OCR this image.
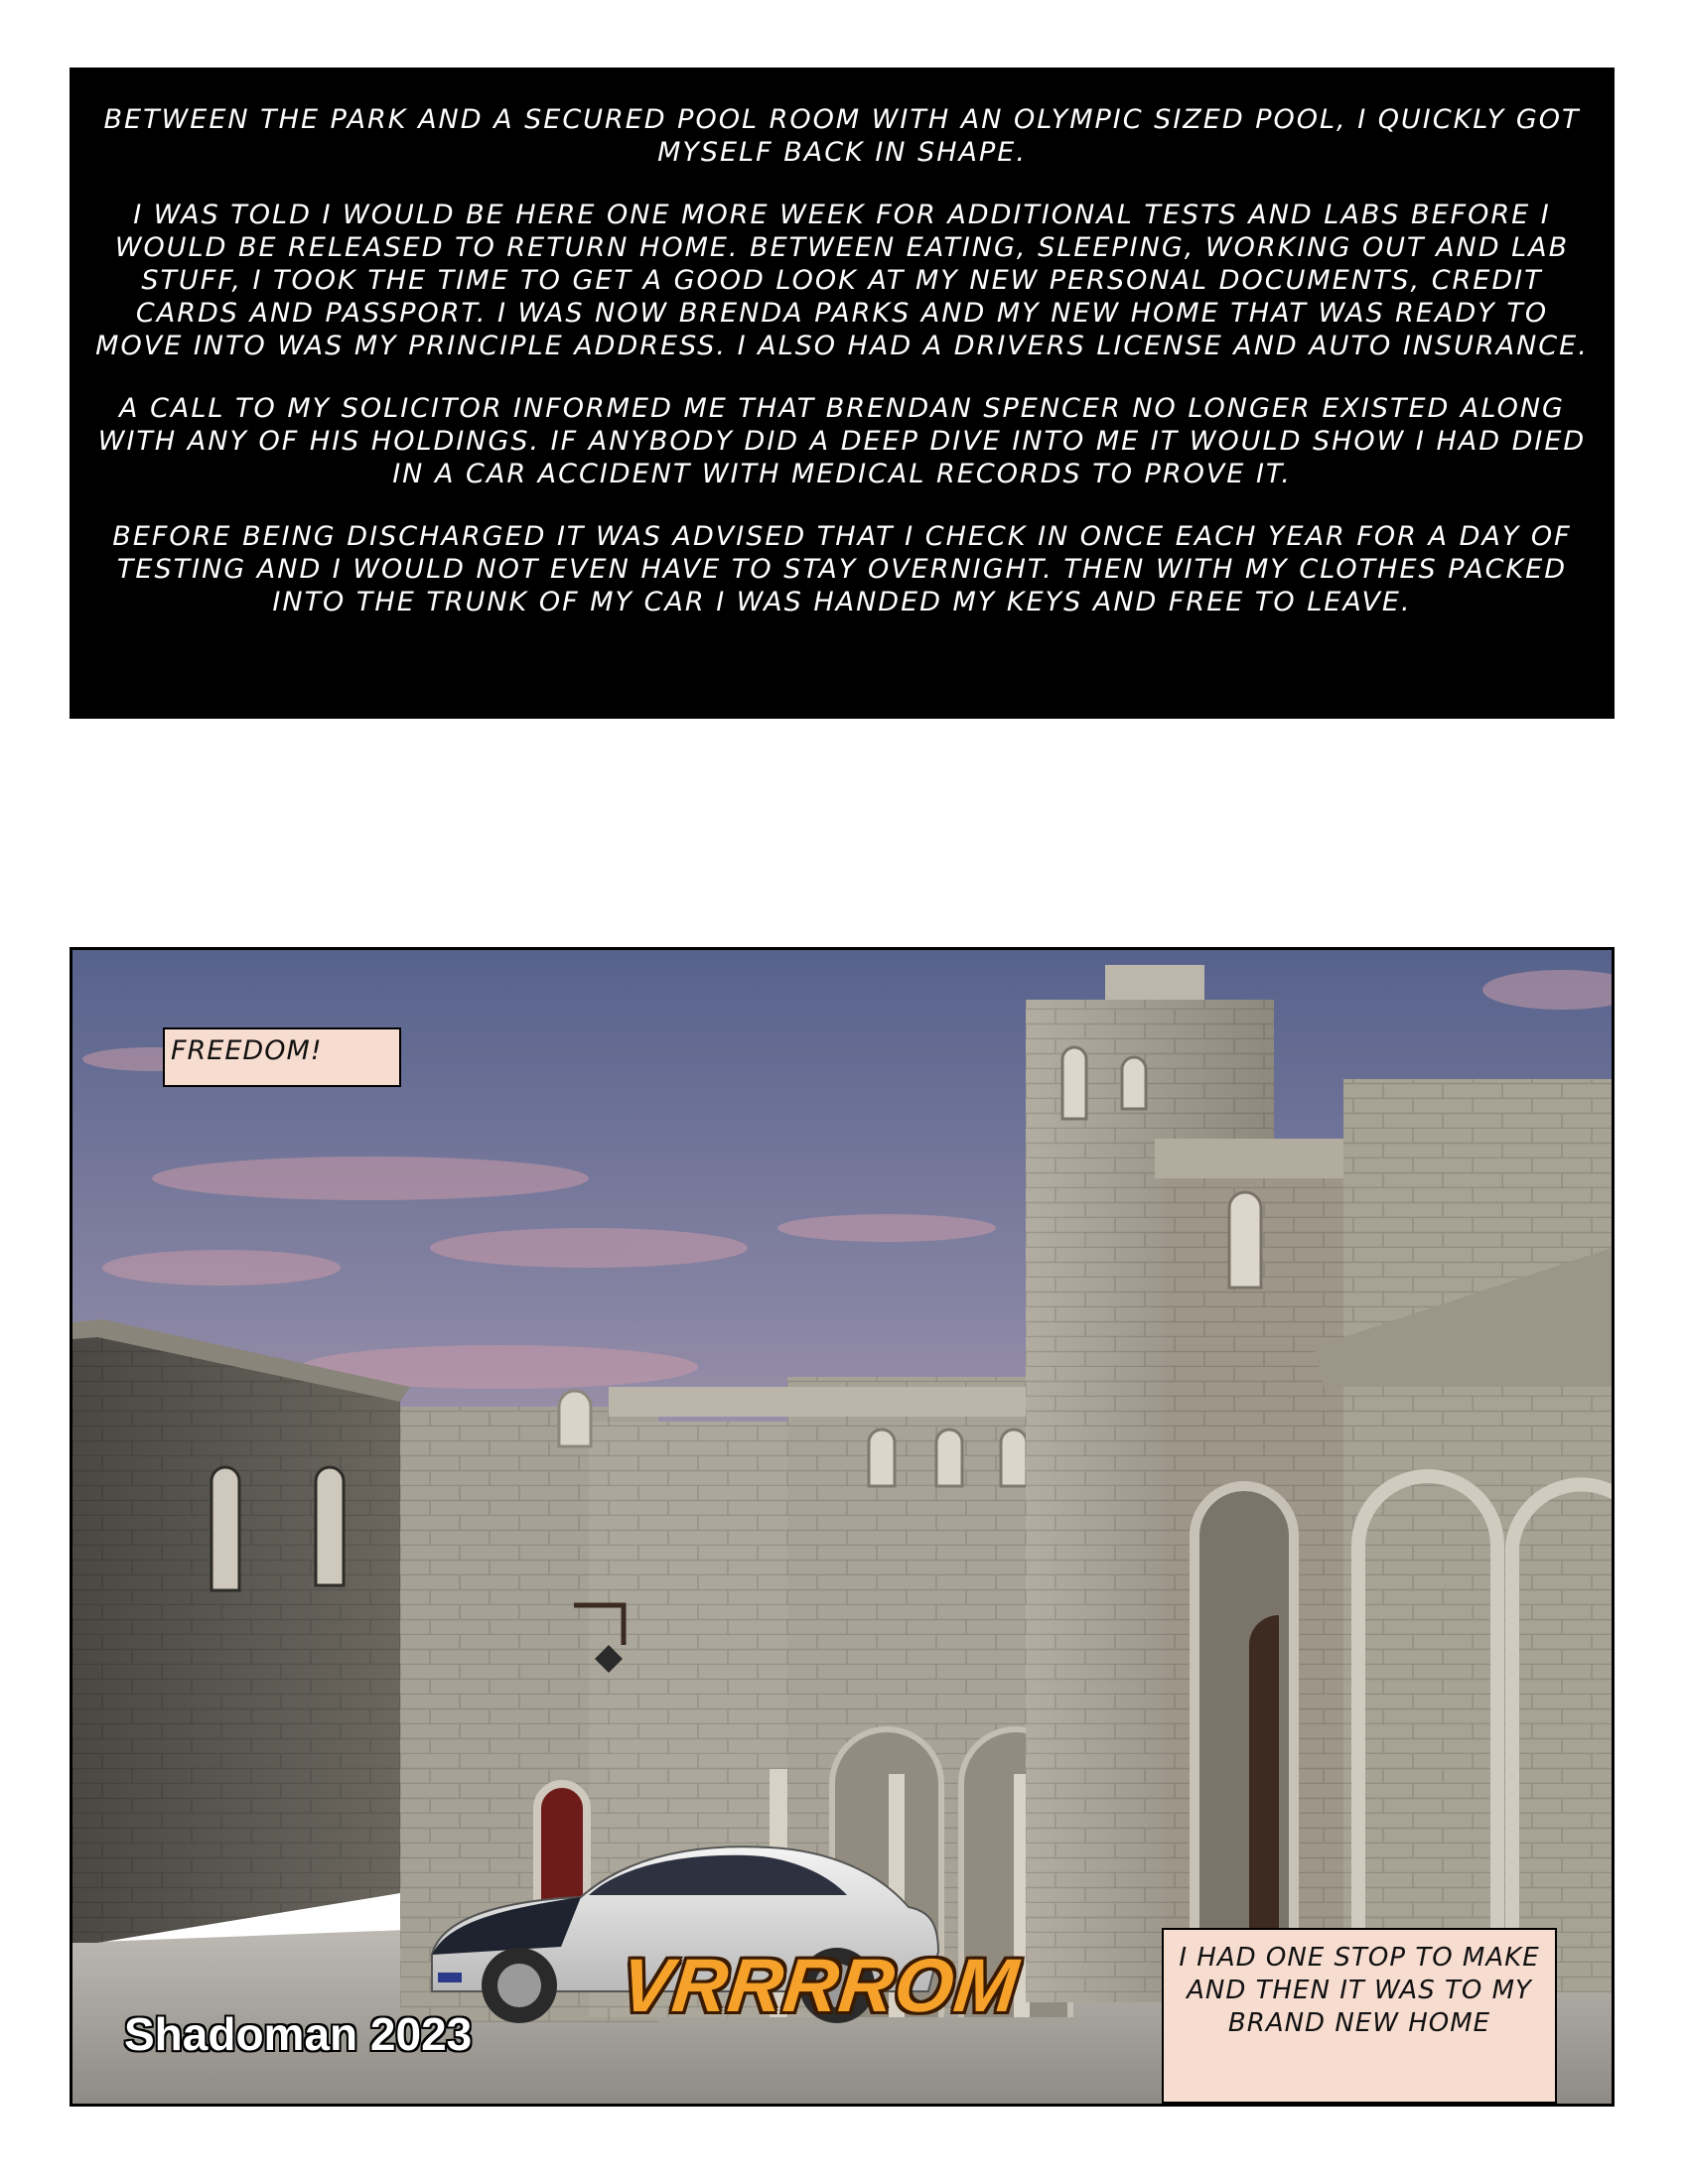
BETWEEN THE PARK AND A SECURED POOL ROOM WITH AN OLYMPIC SIZED POOL, I QUICKLY GOT MYSELF BACK IN SHAPE.

I WAS TOLD I WOULD BE HERE ONE MORE WEEK FOR ADDITIONAL TESTS AND LABS BEFORE I WOULD BE RELEASED TO RETURN HOME. BETWEEN EATING, SLEEPING, WORKING OUT AND LAB STUFF, I TOOK THE TIME TO GET A GOOD LOOK AT MY NEW PERSONAL DOCUMENTS, CREDIT CARDS AND PASSPORT. I WAS NOW BRENDA PARKS AND MY NEW HOME THAT WAS READY TO MOVE INTO WAS MY PRINCIPLE ADDRESS. I ALSO HAD A DRIVERS LICENSE AND AUTO INSURANCE.

A CALL TO MY SOLICITOR INFORMED ME THAT BRENDAN SPENCER NO LONGER EXISTED ALONG WITH ANY OF HIS HOLDINGS. IF ANYBODY DID A DEEP DIVE INTO ME IT WOULD SHOW I HAD DIED IN A CAR ACCIDENT WITH MEDICAL RECORDS TO PROVE IT.

BEFORE BEING DISCHARGED IT WAS ADVISED THAT I CHECK IN ONCE EACH YEAR FOR A DAY OF TESTING AND I WOULD NOT EVEN HAVE TO STAY OVERNIGHT. THEN WITH MY CLOTHES PACKED INTO THE TRUNK OF MY CAR I WAS HANDED MY KEYS AND FREE TO LEAVE.

FREEDOM!
VRRRROM
Shadoman 2023
I HAD ONE STOP TO MAKE AND THEN IT WAS TO MY BRAND NEW HOME
